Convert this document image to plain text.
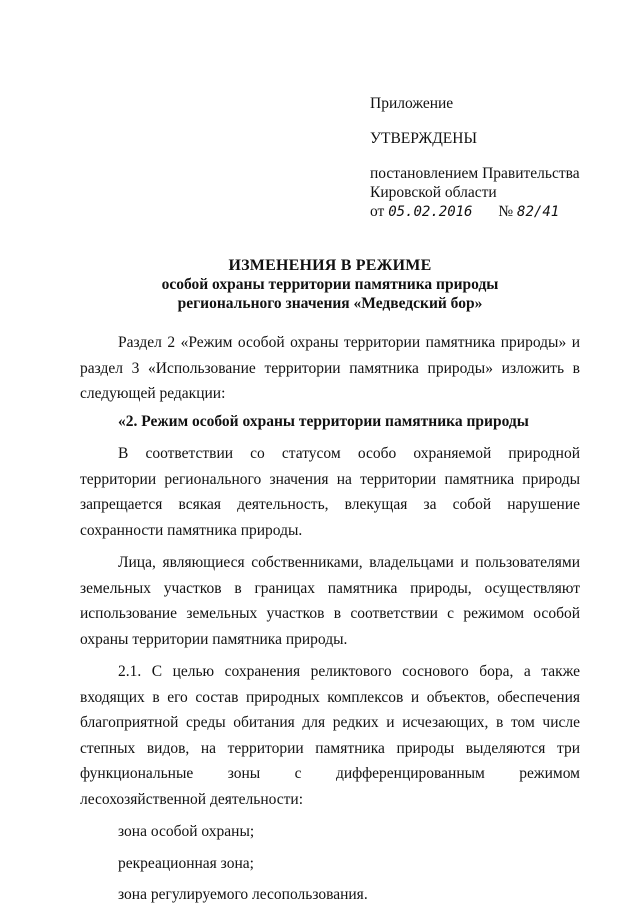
Приложение
УТВЕРЖДЕНЫ
постановлением Правительства
Кировской области
от 05.02.2016 № 82/41
ИЗМЕНЕНИЯ В РЕЖИМЕ
особой охраны территории памятника природы
регионального значения «Медведский бор»

Раздел 2 «Режим особой охраны территории памятника природы» и раздел 3 «Использование территории памятника природы» изложить в следующей редакции:

«2. Режим особой охраны территории памятника природы

В соответствии со статусом особо охраняемой природной территории регионального значения на территории памятника природы запрещается всякая деятельность, влекущая за собой нарушение сохранности памятника природы.

Лица, являющиеся собственниками, владельцами и пользователями земельных участков в границах памятника природы, осуществляют использование земельных участков в соответствии с режимом особой охраны территории памятника природы.

2.1. С целью сохранения реликтового соснового бора, а также входящих в его состав природных комплексов и объектов, обеспечения благоприятной среды обитания для редких и исчезающих, в том числе степных видов, на территории памятника природы выделяются три функциональные зоны с дифференцированным режимом лесохозяйственной деятельности:

зона особой охраны;

рекреационная зона;

зона регулируемого лесопользования.
